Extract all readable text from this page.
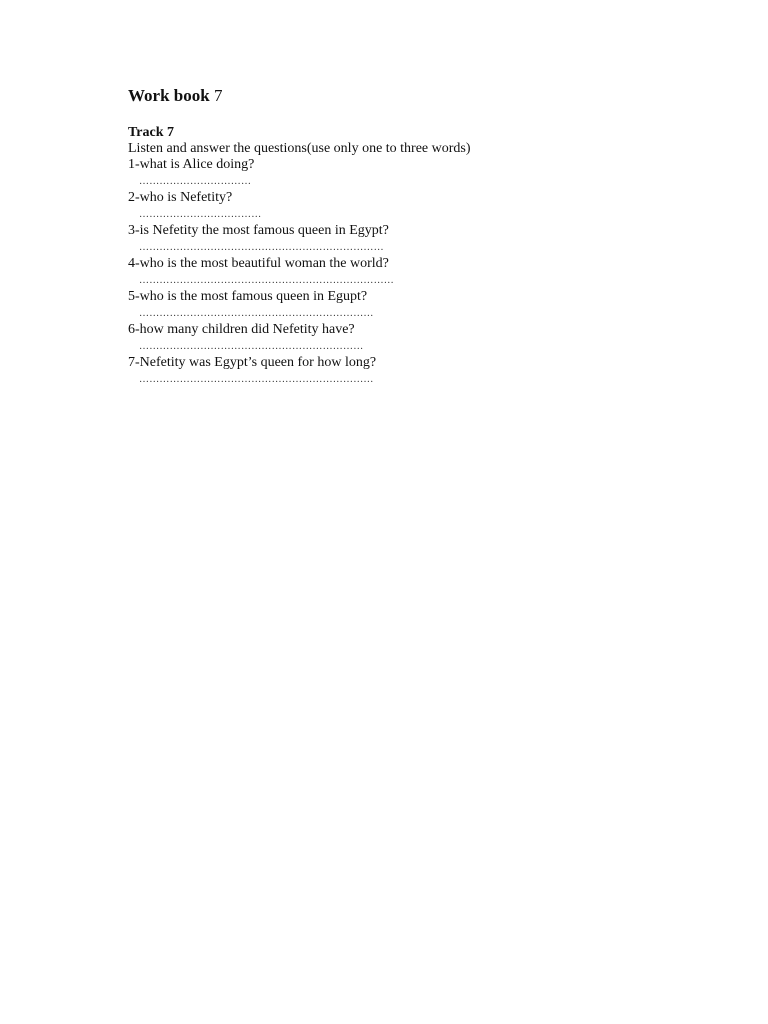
Work book 7
Track 7
Listen and answer the questions(use only one to three words)
1-what is Alice doing?
……………………………
2-who is Nefetity?
………………………………
3-is Nefetity the most famous queen in Egypt?
………………………………………………………………
4-who is the most beautiful woman the world?
…………………………………………………………………
5-who is the most famous queen in Egupt?
……………………………………………………………
6-how many children did Nefetity have?
…………………………………………………………
7-Nefetity was Egypt’s queen for how long?
……………………………………………………………
